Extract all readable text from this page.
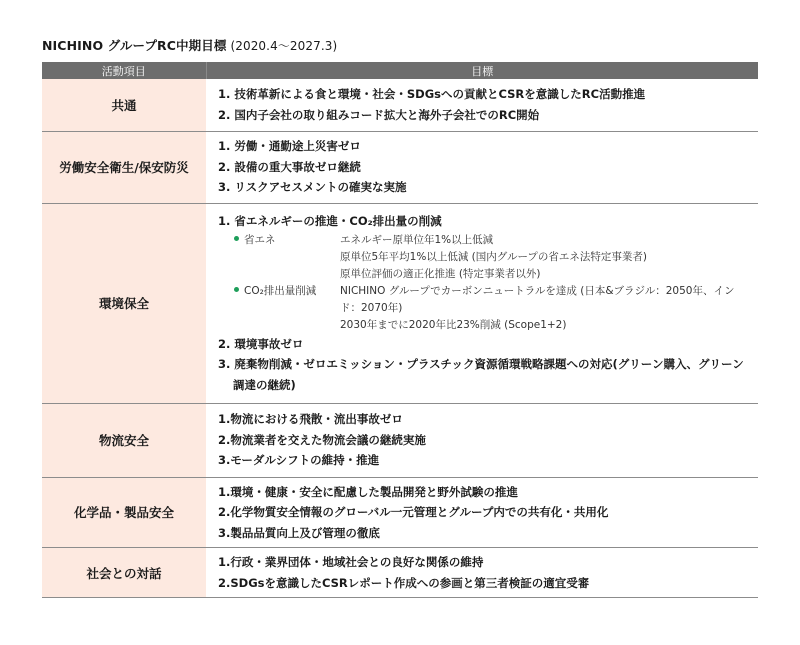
NICHINO グループRC中期目標 (2020.4～2027.3)
活動項目	目標
共通	1. 技術革新による食と環境・社会・SDGsへの貢献とCSRを意識したRC活動推進
2. 国内子会社の取り組みコード拡大と海外子会社でのRC開始

労働安全衛生/保安防災	1. 労働・通勤途上災害ゼロ
2. 設備の重大事故ゼロ継続
3. リスクアセスメントの確実な実施

環境保全	
1. 省エネルギーの推進・CO₂排出量の削減
省エネ	エネルギー原単位年1%以上低減
原単位5年平均1%以上低減 (国内グループの省エネ法特定事業者)
原単位評価の適正化推進 (特定事業者以外)
CO₂排出量削減	NICHINO グループでカーボンニュートラルを達成 (日本&ブラジル：2050年、インド：2070年)
2030年までに2020年比23%削減 (Scope1+2)
2. 環境事故ゼロ
3. 廃棄物削減・ゼロエミッション・プラスチック資源循環戦略課題への対応(グリーン購入、グリーン調達の継続)

物流安全	1.物流における飛散・流出事故ゼロ
2.物流業者を交えた物流会議の継続実施
3.モーダルシフトの維持・推進

化学品・製品安全	1.環境・健康・安全に配慮した製品開発と野外試験の推進
2.化学物質安全情報のグローバル一元管理とグループ内での共有化・共用化
3.製品品質向上及び管理の徹底

社会との対話	1.行政・業界団体・地域社会との良好な関係の維持
2.SDGsを意識したCSRレポート作成への参画と第三者検証の適宜受審
